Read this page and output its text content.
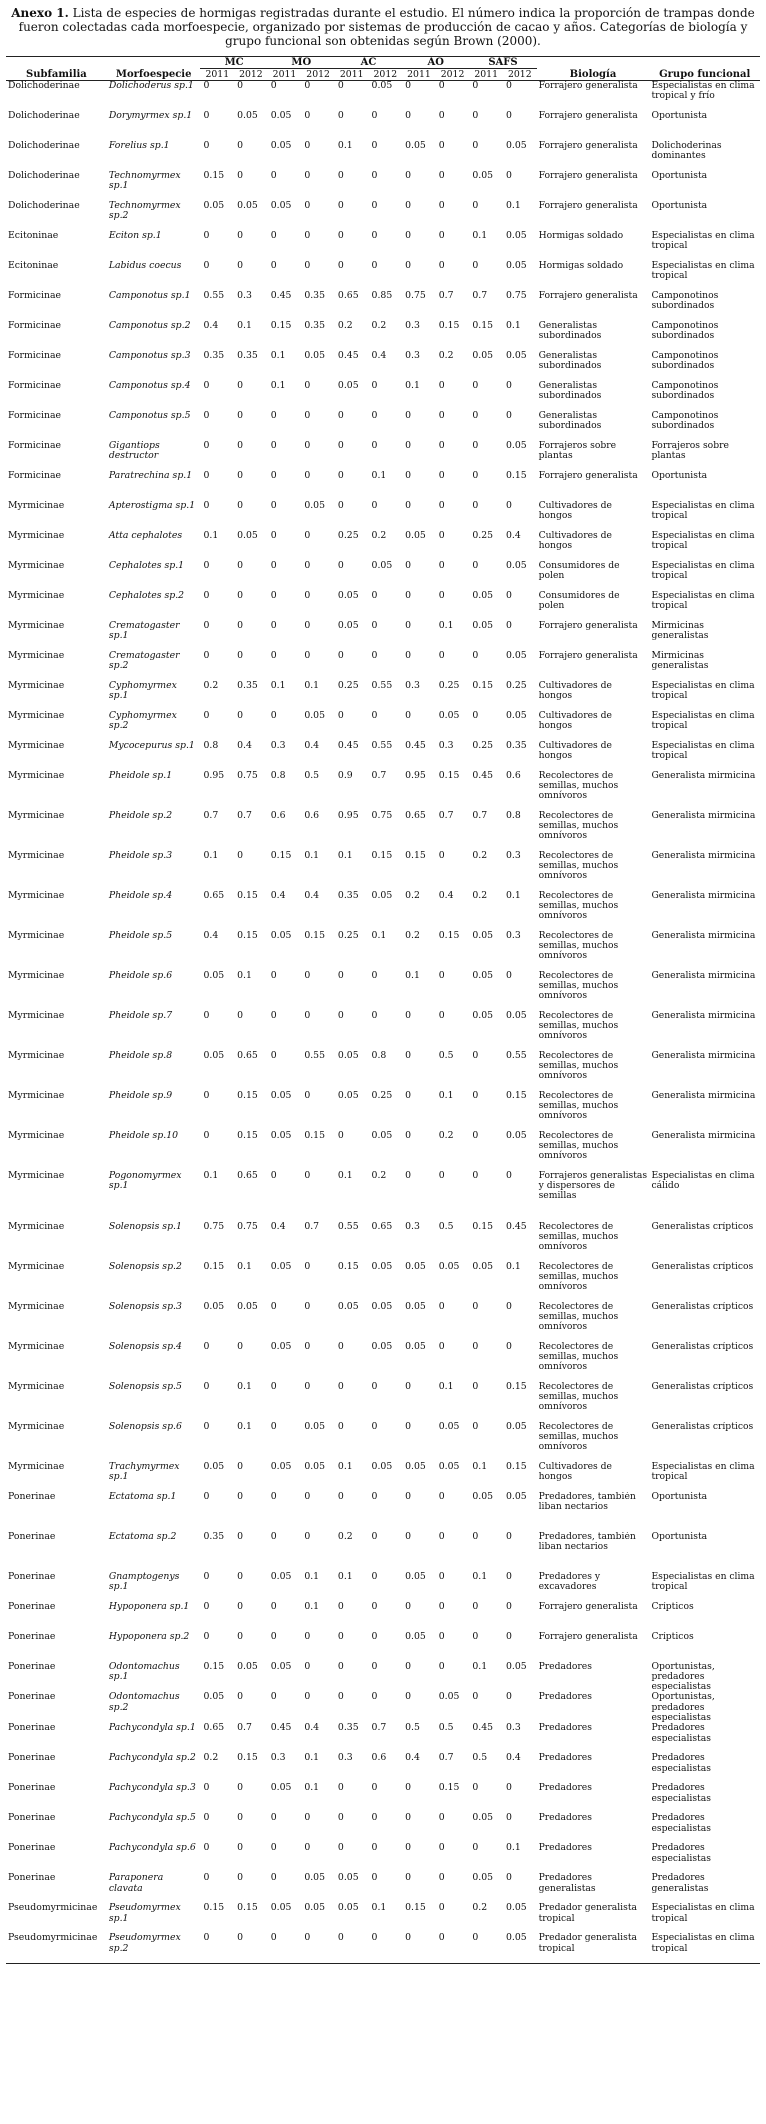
Anexo 1. Lista de especies de hormigas registradas durante el estudio. El número indica la proporción de trampas donde fueron colectadas cada morfoespecie, organizado por sistemas de producción de cacao y años. Categorías de biología y grupo funcional son obtenidas según Brown (2000).
Subfamilia	Morfoespecie	MC		MO		AC		AO		SAFS		Biología	Grupo funcional
		2011	2012	2011	2012	2011	2012	2011	2012	2011	2012		
Dolichoderinae	Dolichoderus sp.1	0	0	0	0	0	0.05	0	0	0	0	Forrajero generalista	Especialistas en clima tropical y frío
Dolichoderinae	Dorymyrmex sp.1	0	0.05	0.05	0	0	0	0	0	0	0	Forrajero generalista	Oportunista
Dolichoderinae	Forelius sp.1	0	0	0.05	0	0.1	0	0.05	0	0	0.05	Forrajero generalista	Dolichoderinas dominantes
Dolichoderinae	Technomyrmex sp.1	0.15	0	0	0	0	0	0	0	0.05	0	Forrajero generalista	Oportunista
Dolichoderinae	Technomyrmex sp.2	0.05	0.05	0.05	0	0	0	0	0	0	0.1	Forrajero generalista	Oportunista
Ecitoninae	Eciton sp.1	0	0	0	0	0	0	0	0	0.1	0.05	Hormigas soldado	Especialistas en clima tropical
Ecitoninae	Labidus coecus	0	0	0	0	0	0	0	0	0	0.05	Hormigas soldado	Especialistas en clima tropical
Formicinae	Camponotus sp.1	0.55	0.3	0.45	0.35	0.65	0.85	0.75	0.7	0.7	0.75	Forrajero generalista	Camponotinos subordinados
Formicinae	Camponotus sp.2	0.4	0.1	0.15	0.35	0.2	0.2	0.3	0.15	0.15	0.1	Generalistas subordinados	Camponotinos subordinados
Formicinae	Camponotus sp.3	0.35	0.35	0.1	0.05	0.45	0.4	0.3	0.2	0.05	0.05	Generalistas subordinados	Camponotinos subordinados
Formicinae	Camponotus sp.4	0	0	0.1	0	0.05	0	0.1	0	0	0	Generalistas subordinados	Camponotinos subordinados
Formicinae	Camponotus sp.5	0	0	0	0	0	0	0	0	0	0	Generalistas subordinados	Camponotinos subordinados
Formicinae	Gigantiops destructor	0	0	0	0	0	0	0	0	0	0.05	Forrajeros sobre plantas	Forrajeros sobre plantas
Formicinae	Paratrechina sp.1	0	0	0	0	0	0.1	0	0	0	0.15	Forrajero generalista	Oportunista
Myrmicinae	Apterostigma sp.1	0	0	0	0.05	0	0	0	0	0	0	Cultivadores de hongos	Especialistas en clima tropical
Myrmicinae	Atta cephalotes	0.1	0.05	0	0	0.25	0.2	0.05	0	0.25	0.4	Cultivadores de hongos	Especialistas en clima tropical
Myrmicinae	Cephalotes sp.1	0	0	0	0	0	0.05	0	0	0	0.05	Consumidores de polen	Especialistas en clima tropical
Myrmicinae	Cephalotes sp.2	0	0	0	0	0.05	0	0	0	0.05	0	Consumidores de polen	Especialistas en clima tropical
Myrmicinae	Crematogaster sp.1	0	0	0	0	0.05	0	0	0.1	0.05	0	Forrajero generalista	Mirmicinas generalistas
Myrmicinae	Crematogaster sp.2	0	0	0	0	0	0	0	0	0	0.05	Forrajero generalista	Mirmicinas generalistas
Myrmicinae	Cyphomyrmex sp.1	0.2	0.35	0.1	0.1	0.25	0.55	0.3	0.25	0.15	0.25	Cultivadores de hongos	Especialistas en clima tropical
Myrmicinae	Cyphomyrmex sp.2	0	0	0	0.05	0	0	0	0.05	0	0.05	Cultivadores de hongos	Especialistas en clima tropical
Myrmicinae	Mycocepurus sp.1	0.8	0.4	0.3	0.4	0.45	0.55	0.45	0.3	0.25	0.35	Cultivadores de hongos	Especialistas en clima tropical
Myrmicinae	Pheidole sp.1	0.95	0.75	0.8	0.5	0.9	0.7	0.95	0.15	0.45	0.6	Recolectores de semillas, muchos omnívoros	Generalista mirmicina
Myrmicinae	Pheidole sp.2	0.7	0.7	0.6	0.6	0.95	0.75	0.65	0.7	0.7	0.8	Recolectores de semillas, muchos omnívoros	Generalista mirmicina
Myrmicinae	Pheidole sp.3	0.1	0	0.15	0.1	0.1	0.15	0.15	0	0.2	0.3	Recolectores de semillas, muchos omnívoros	Generalista mirmicina
Myrmicinae	Pheidole sp.4	0.65	0.15	0.4	0.4	0.35	0.05	0.2	0.4	0.2	0.1	Recolectores de semillas, muchos omnívoros	Generalista mirmicina
Myrmicinae	Pheidole sp.5	0.4	0.15	0.05	0.15	0.25	0.1	0.2	0.15	0.05	0.3	Recolectores de semillas, muchos omnívoros	Generalista mirmicina
Myrmicinae	Pheidole sp.6	0.05	0.1	0	0	0	0	0.1	0	0.05	0	Recolectores de semillas, muchos omnívoros	Generalista mirmicina
Myrmicinae	Pheidole sp.7	0	0	0	0	0	0	0	0	0.05	0.05	Recolectores de semillas, muchos omnívoros	Generalista mirmicina
Myrmicinae	Pheidole sp.8	0.05	0.65	0	0.55	0.05	0.8	0	0.5	0	0.55	Recolectores de semillas, muchos omnívoros	Generalista mirmicina
Myrmicinae	Pheidole sp.9	0	0.15	0.05	0	0.05	0.25	0	0.1	0	0.15	Recolectores de semillas, muchos omnívoros	Generalista mirmicina
Myrmicinae	Pheidole sp.10	0	0.15	0.05	0.15	0	0.05	0	0.2	0	0.05	Recolectores de semillas, muchos omnívoros	Generalista mirmicina
Myrmicinae	Pogonomyrmex sp.1	0.1	0.65	0	0	0.1	0.2	0	0	0	0	Forrajeros generalistas y dispersores de semillas	Especialistas en clima cálido
Myrmicinae	Solenopsis sp.1	0.75	0.75	0.4	0.7	0.55	0.65	0.3	0.5	0.15	0.45	Recolectores de semillas, muchos omnívoros	Generalistas crípticos
Myrmicinae	Solenopsis sp.2	0.15	0.1	0.05	0	0.15	0.05	0.05	0.05	0.05	0.1	Recolectores de semillas, muchos omnívoros	Generalistas crípticos
Myrmicinae	Solenopsis sp.3	0.05	0.05	0	0	0.05	0.05	0.05	0	0	0	Recolectores de semillas, muchos omnívoros	Generalistas crípticos
Myrmicinae	Solenopsis sp.4	0	0	0.05	0	0	0.05	0.05	0	0	0	Recolectores de semillas, muchos omnívoros	Generalistas crípticos
Myrmicinae	Solenopsis sp.5	0	0.1	0	0	0	0	0	0.1	0	0.15	Recolectores de semillas, muchos omnívoros	Generalistas crípticos
Myrmicinae	Solenopsis sp.6	0	0.1	0	0.05	0	0	0	0.05	0	0.05	Recolectores de semillas, muchos omnívoros	Generalistas crípticos
Myrmicinae	Trachymyrmex sp.1	0.05	0	0.05	0.05	0.1	0.05	0.05	0.05	0.1	0.15	Cultivadores de hongos	Especialistas en clima tropical
Ponerinae	Ectatoma sp.1	0	0	0	0	0	0	0	0	0.05	0.05	Predadores, también liban nectarios	Oportunista
Ponerinae	Ectatoma sp.2	0.35	0	0	0	0.2	0	0	0	0	0	Predadores, también liban nectarios	Oportunista
Ponerinae	Gnamptogenys sp.1	0	0	0.05	0.1	0.1	0	0.05	0	0.1	0	Predadores y excavadores	Especialistas en clima tropical
Ponerinae	Hypoponera sp.1	0	0	0	0.1	0	0	0	0	0	0	Forrajero generalista	Crípticos
Ponerinae	Hypoponera sp.2	0	0	0	0	0	0	0.05	0	0	0	Forrajero generalista	Crípticos
Ponerinae	Odontomachus sp.1	0.15	0.05	0.05	0	0	0	0	0	0.1	0.05	Predadores	Oportunistas, predadores especialistas
Ponerinae	Odontomachus sp.2	0.05	0	0	0	0	0	0	0.05	0	0	Predadores	Oportunistas, predadores especialistas
Ponerinae	Pachycondyla sp.1	0.65	0.7	0.45	0.4	0.35	0.7	0.5	0.5	0.45	0.3	Predadores	Predadores especialistas
Ponerinae	Pachycondyla sp.2	0.2	0.15	0.3	0.1	0.3	0.6	0.4	0.7	0.5	0.4	Predadores	Predadores especialistas
Ponerinae	Pachycondyla sp.3	0	0	0.05	0.1	0	0	0	0.15	0	0	Predadores	Predadores especialistas
Ponerinae	Pachycondyla sp.5	0	0	0	0	0	0	0	0	0.05	0	Predadores	Predadores especialistas
Ponerinae	Pachycondyla sp.6	0	0	0	0	0	0	0	0	0	0.1	Predadores	Predadores especialistas
Ponerinae	Paraponera clavata	0	0	0	0.05	0.05	0	0	0	0.05	0	Predadores generalistas	Predadores generalistas
Pseudomyrmicinae	Pseudomyrmex sp.1	0.15	0.15	0.05	0.05	0.05	0.1	0.15	0	0.2	0.05	Predador generalista tropical	Especialistas en clima tropical
Pseudomyrmicinae	Pseudomyrmex sp.2	0	0	0	0	0	0	0	0	0	0.05	Predador generalista tropical	Especialistas en clima tropical
